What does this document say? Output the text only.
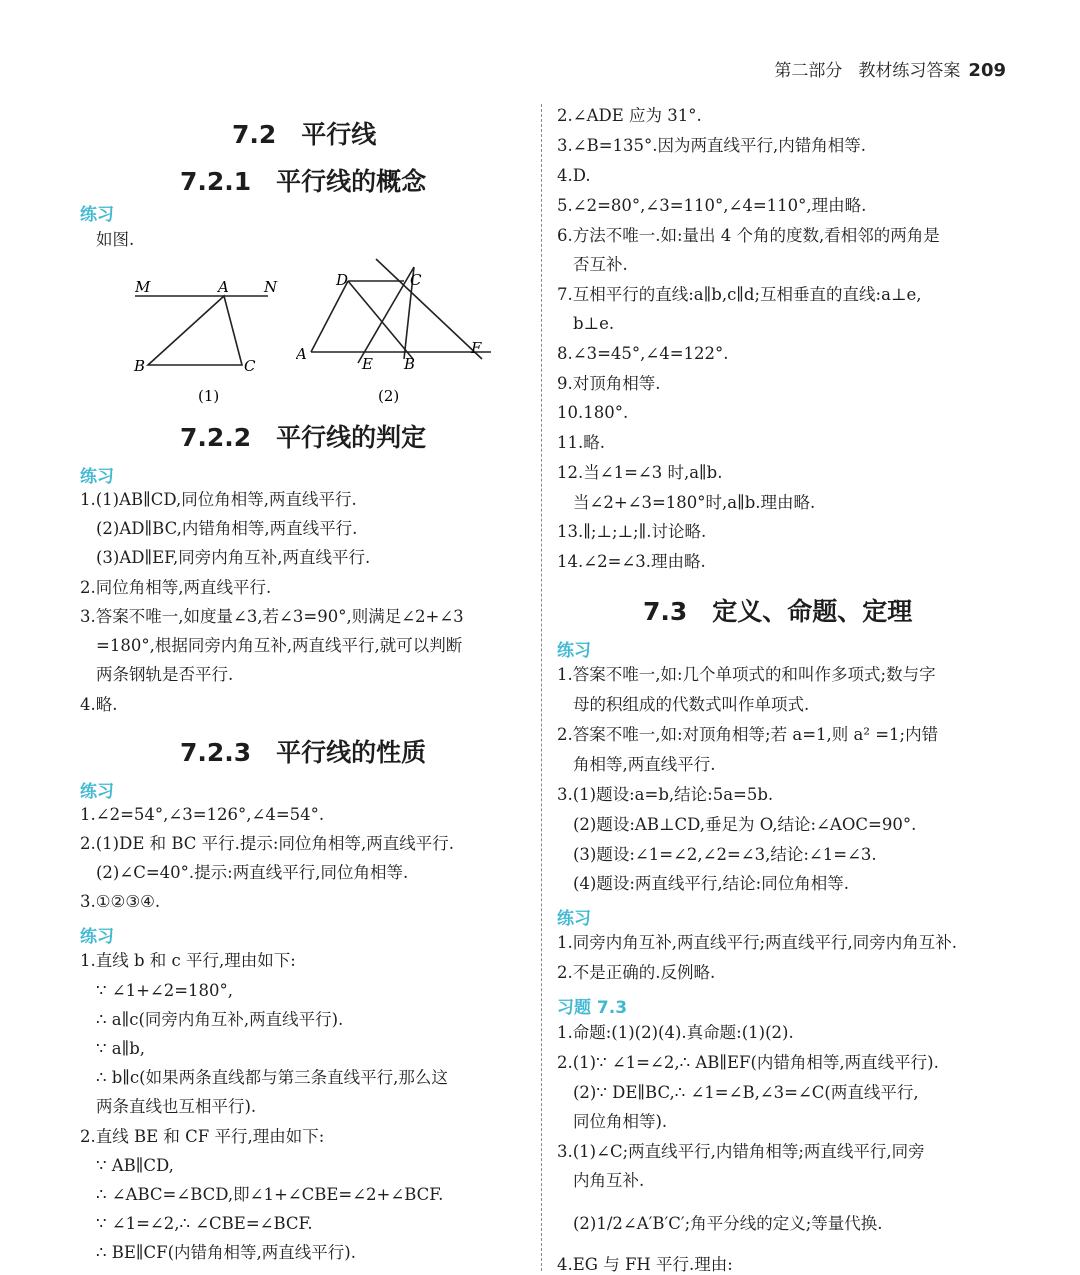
第二部分 教材练习答案 209
7.2　平行线
7.2.1　平行线的概念
练习
如图.
M	A N
B	C
(1)
D	C
A
E B
F
(2)
7.2.2　平行线的判定
练习
1.(1)AB∥CD,同位角相等,两直线平行.
(2)AD∥BC,内错角相等,两直线平行.
(3)AD∥EF,同旁内角互补,两直线平行.
2.同位角相等,两直线平行.
3.答案不唯一,如度量∠3,若∠3=90°,则满足∠2+∠3
=180°,根据同旁内角互补,两直线平行,就可以判断
两条钢轨是否平行.
4.略.
7.2.3　平行线的性质
练习
1.∠2=54°,∠3=126°,∠4=54°.
2.(1)DE 和 BC 平行.提示:同位角相等,两直线平行.
(2)∠C=40°.提示:两直线平行,同位角相等.
3.①②③④.
练习
1.直线 b 和 c 平行,理由如下:
∵ ∠1+∠2=180°,
∴ a∥c(同旁内角互补,两直线平行).
∵ a∥b,
∴ b∥c(如果两条直线都与第三条直线平行,那么这
两条直线也互相平行).
2.直线 BE 和 CF 平行,理由如下:
∵ AB∥CD,
∴ ∠ABC=∠BCD,即∠1+∠CBE=∠2+∠BCF.
∵ ∠1=∠2,∴ ∠CBE=∠BCF.
∴ BE∥CF(内错角相等,两直线平行).
2.∠ADE 应为 31°.
3.∠B=135°.因为两直线平行,内错角相等.
4.D.
5.∠2=80°,∠3=110°,∠4=110°,理由略.
6.方法不唯一.如:量出 4 个角的度数,看相邻的两角是
否互补.
7.互相平行的直线:a∥b,c∥d;互相垂直的直线:a⊥e,
b⊥e.
8.∠3=45°,∠4=122°.
9.对顶角相等.
10.180°.
11.略.
12.当∠1=∠3 时,a∥b.
当∠2+∠3=180°时,a∥b.理由略.
13.∥;⊥;⊥;∥.讨论略.
14.∠2=∠3.理由略.
7.3　定义、命题、定理
练习
1.答案不唯一,如:几个单项式的和叫作多项式;数与字
母的积组成的代数式叫作单项式.
2.答案不唯一,如:对顶角相等;若 a=1,则 a² =1;内错
角相等,两直线平行.
3.(1)题设:a=b,结论:5a=5b.
(2)题设:AB⊥CD,垂足为 O,结论:∠AOC=90°.
(3)题设:∠1=∠2,∠2=∠3,结论:∠1=∠3.
(4)题设:两直线平行,结论:同位角相等.
练习
1.同旁内角互补,两直线平行;两直线平行,同旁内角互补.
2.不是正确的.反例略.
习题 7.3
1.命题:(1)(2)(4).真命题:(1)(2).
2.(1)∵ ∠1=∠2,∴ AB∥EF(内错角相等,两直线平行).
(2)∵ DE∥BC,∴ ∠1=∠B,∠3=∠C(两直线平行,
同位角相等).
3.(1)∠C;两直线平行,内错角相等;两直线平行,同旁
内角互补.
(2)1/2∠A′B′C′;角平分线的定义;等量代换.
4.EG 与 FH 平行.理由:
